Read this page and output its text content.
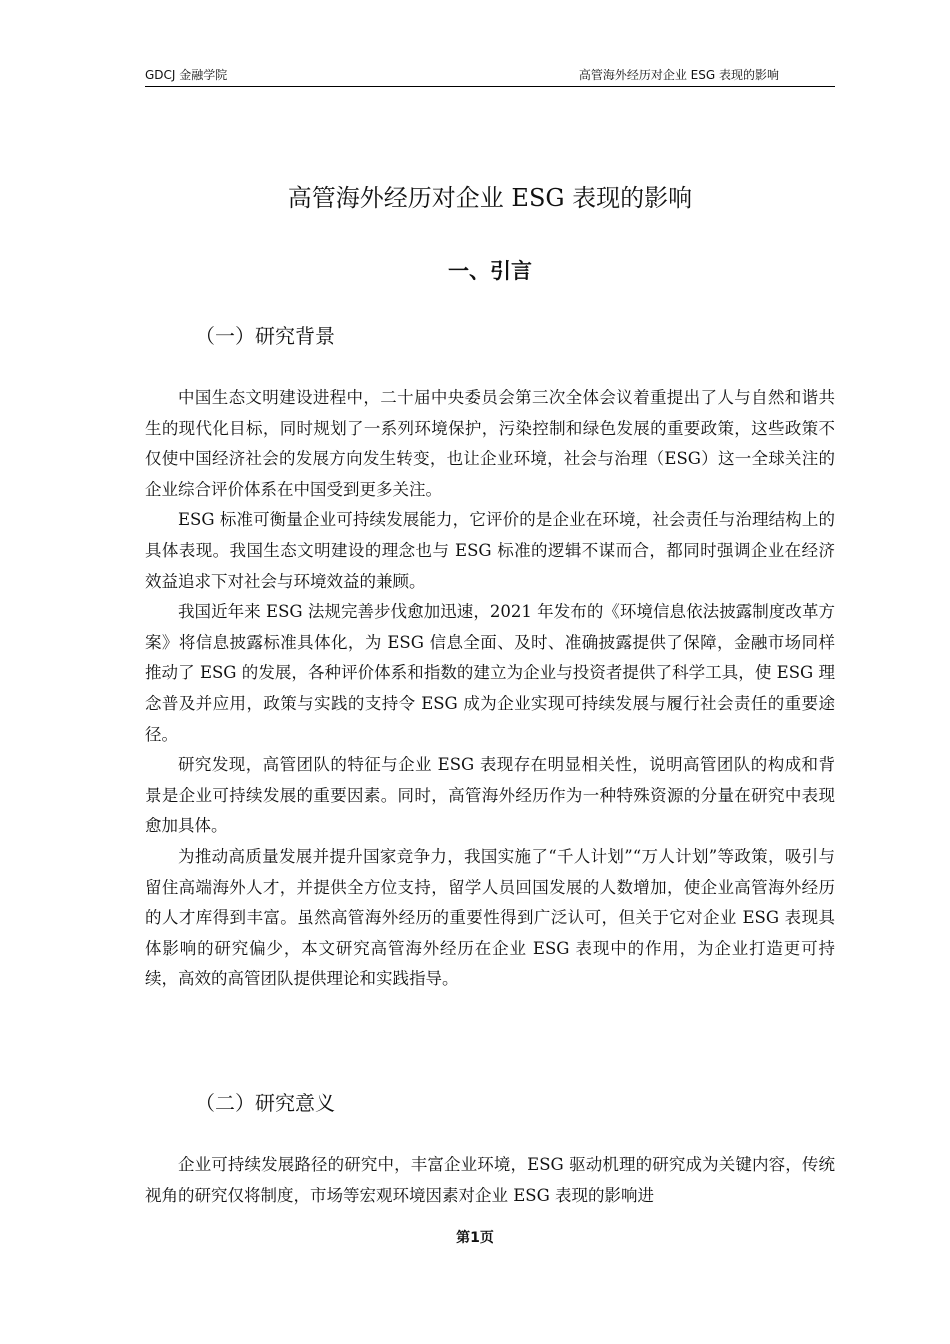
GDCJ 金融学院	高管海外经历对企业 ESG 表现的影响
高管海外经历对企业 ESG 表现的影响
一、引言
（一）研究背景

中国生态文明建设进程中，二十届中央委员会第三次全体会议着重提出了人与自然和谐共生的现代化目标，同时规划了一系列环境保护，污染控制和绿色发展的重要政策，这些政策不仅使中国经济社会的发展方向发生转变，也让企业环境，社会与治理（ESG）这一全球关注的企业综合评价体系在中国受到更多关注。

ESG 标准可衡量企业可持续发展能力，它评价的是企业在环境，社会责任与治理结构上的具体表现。我国生态文明建设的理念也与 ESG 标准的逻辑不谋而合，都同时强调企业在经济效益追求下对社会与环境效益的兼顾。

我国近年来 ESG 法规完善步伐愈加迅速，2021 年发布的《环境信息依法披露制度改革方案》将信息披露标准具体化，为 ESG 信息全面、及时、准确披露提供了保障，金融市场同样推动了 ESG 的发展，各种评价体系和指数的建立为企业与投资者提供了科学工具，使 ESG 理念普及并应用，政策与实践的支持令 ESG 成为企业实现可持续发展与履行社会责任的重要途径。

研究发现，高管团队的特征与企业 ESG 表现存在明显相关性，说明高管团队的构成和背景是企业可持续发展的重要因素。同时，高管海外经历作为一种特殊资源的分量在研究中表现愈加具体。

为推动高质量发展并提升国家竞争力，我国实施了“千人计划”“万人计划”等政策，吸引与留住高端海外人才，并提供全方位支持，留学人员回国发展的人数增加，使企业高管海外经历的人才库得到丰富。虽然高管海外经历的重要性得到广泛认可，但关于它对企业 ESG 表现具体影响的研究偏少，本文研究高管海外经历在企业 ESG 表现中的作用，为企业打造更可持续，高效的高管团队提供理论和实践指导。

（二）研究意义

企业可持续发展路径的研究中，丰富企业环境，ESG 驱动机理的研究成为关键内容，传统视角的研究仅将制度，市场等宏观环境因素对企业 ESG 表现的影响进

第1页
